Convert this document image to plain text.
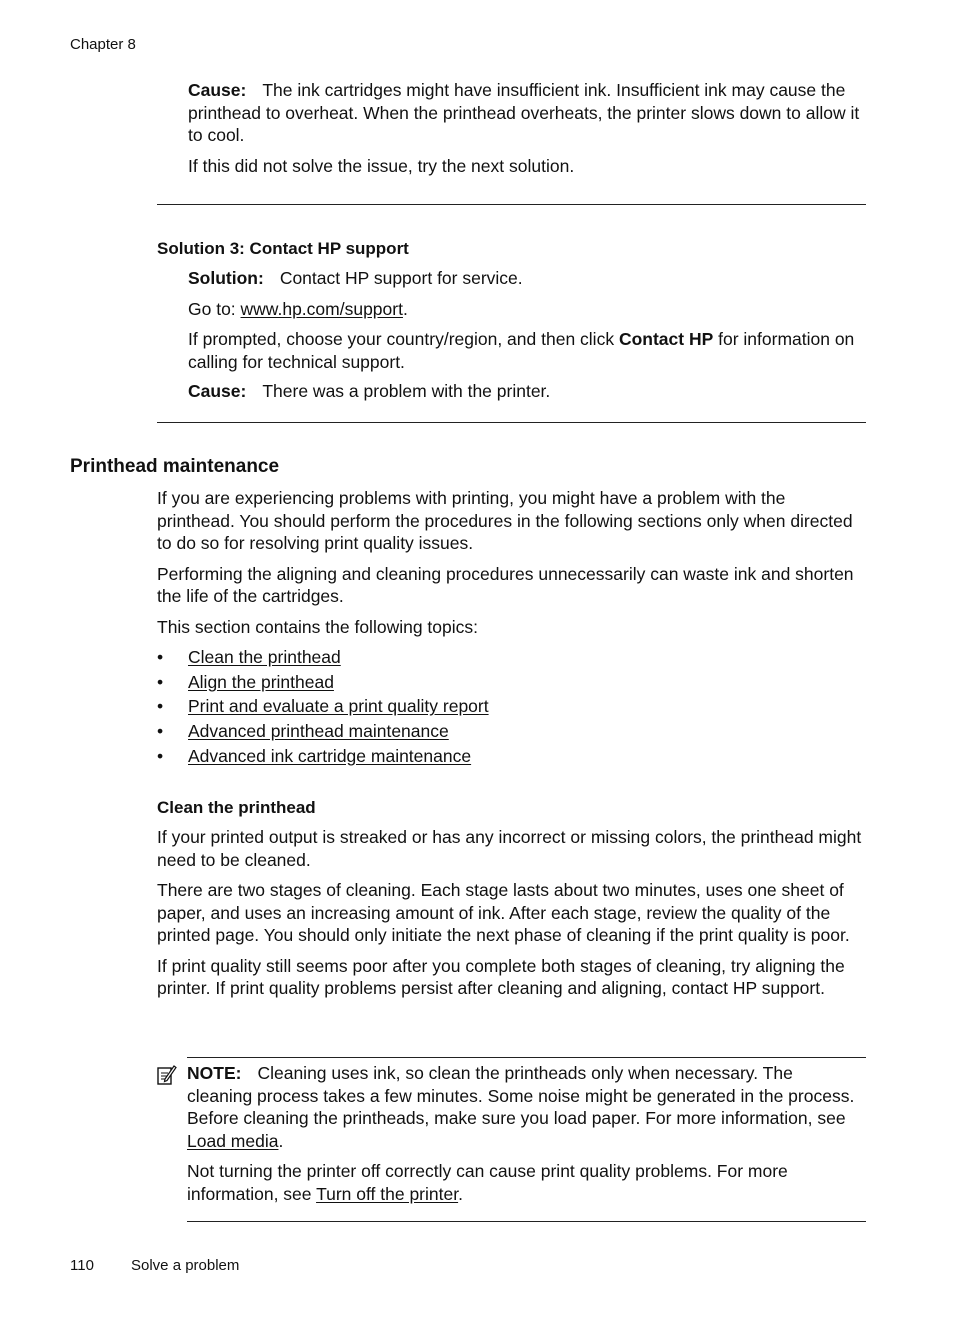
Chapter 8

Cause: The ink cartridges might have insufficient ink. Insufficient ink may cause the printhead to overheat. When the printhead overheats, the printer slows down to allow it to cool.

If this did not solve the issue, try the next solution.

Solution 3: Contact HP support

Solution: Contact HP support for service.

Go to: www.hp.com/support.

If prompted, choose your country/region, and then click Contact HP for information on calling for technical support.

Cause: There was a problem with the printer.

Printhead maintenance

If you are experiencing problems with printing, you might have a problem with the printhead. You should perform the procedures in the following sections only when directed to do so for resolving print quality issues.

Performing the aligning and cleaning procedures unnecessarily can waste ink and shorten the life of the cartridges.

This section contains the following topics:

• Clean the printhead
• Align the printhead
• Print and evaluate a print quality report
• Advanced printhead maintenance
• Advanced ink cartridge maintenance
Clean the printhead

If your printed output is streaked or has any incorrect or missing colors, the printhead might need to be cleaned.

There are two stages of cleaning. Each stage lasts about two minutes, uses one sheet of paper, and uses an increasing amount of ink. After each stage, review the quality of the printed page. You should only initiate the next phase of cleaning if the print quality is poor.

If print quality still seems poor after you complete both stages of cleaning, try aligning the printer. If print quality problems persist after cleaning and aligning, contact HP support.

NOTE: Cleaning uses ink, so clean the printheads only when necessary. The cleaning process takes a few minutes. Some noise might be generated in the process. Before cleaning the printheads, make sure you load paper. For more information, see Load media.

Not turning the printer off correctly can cause print quality problems. For more information, see Turn off the printer.

110 Solve a problem
